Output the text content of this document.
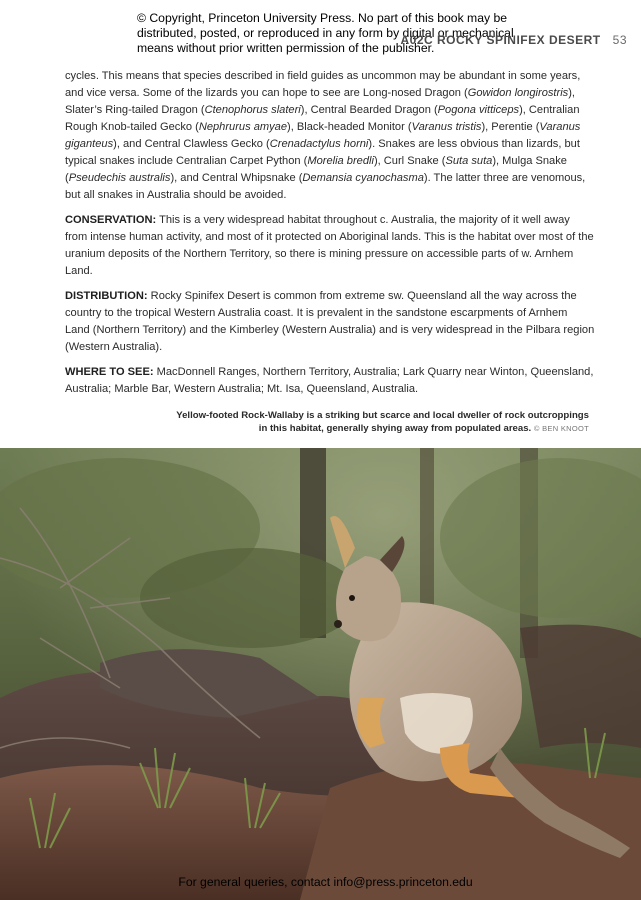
© Copyright, Princeton University Press. No part of this book may be
distributed, posted, or reproduced in any form by digital or mechanical
means without prior written permission of the publisher.
A02C ROCKY SPINIFEX DESERT 53

cycles. This means that species described in field guides as uncommon may be abundant in some years, and vice versa. Some of the lizards you can hope to see are Long-nosed Dragon (Gowidon longirostris), Slater’s Ring-tailed Dragon (Ctenophorus slateri), Central Bearded Dragon (Pogona vitticeps), Centralian Rough Knob-tailed Gecko (Nephrurus amyae), Black-headed Monitor (Varanus tristis), Perentie (Varanus giganteus), and Central Clawless Gecko (Crenadactylus horni). Snakes are less obvious than lizards, but typical snakes include Centralian Carpet Python (Morelia bredli), Curl Snake (Suta suta), Mulga Snake (Pseudechis australis), and Central Whipsnake (Demansia cyanochasma). The latter three are venomous, but all snakes in Australia should be avoided.

CONSERVATION: This is a very widespread habitat throughout c. Australia, the majority of it well away from intense human activity, and most of it protected on Aboriginal lands. This is the habitat over most of the uranium deposits of the Northern Territory, so there is mining pressure on accessible parts of w. Arnhem Land.

DISTRIBUTION: Rocky Spinifex Desert is common from extreme sw. Queensland all the way across the country to the tropical Western Australia coast. It is prevalent in the sandstone escarpments of Arnhem Land (Northern Territory) and the Kimberley (Western Australia) and is very widespread in the Pilbara region (Western Australia).

WHERE TO SEE: MacDonnell Ranges, Northern Territory, Australia; Lark Quarry near Winton, Queensland, Australia; Marble Bar, Western Australia; Mt. Isa, Queensland, Australia.

Yellow-footed Rock-Wallaby is a striking but scarce and local dweller of rock outcroppings
in this habitat, generally shying away from populated areas. © BEN KNOOT
For general queries, contact info@press.princeton.edu
